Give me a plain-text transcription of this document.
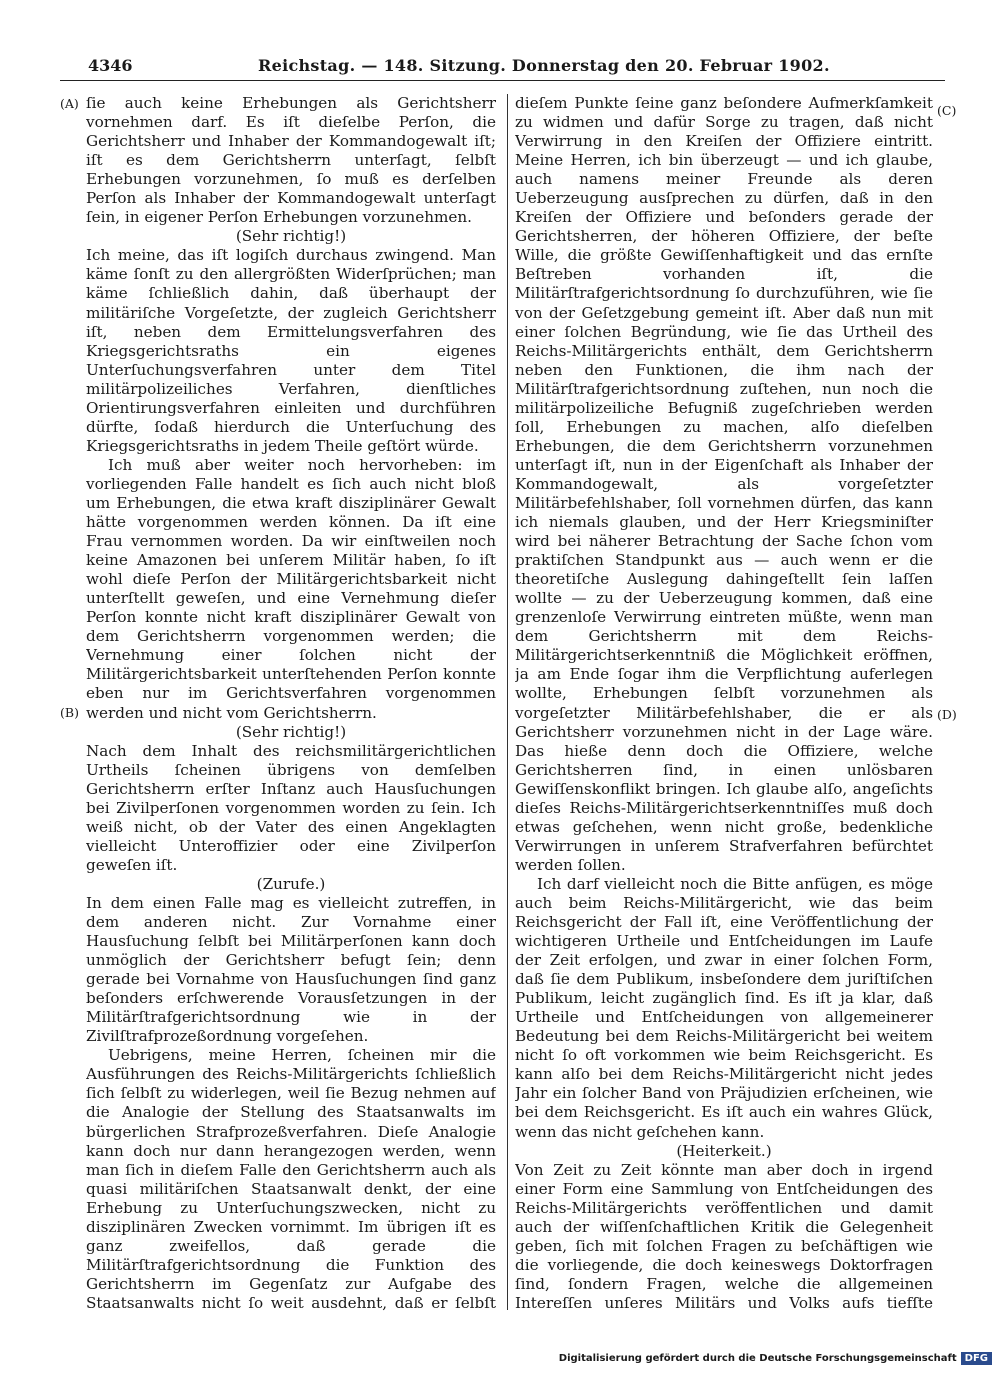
4346	Reichstag. — 148. Sitzung. Donnerstag den 20. Februar 1902.
(A)
(B)
(C)
(D)

ſie auch keine Erhebungen als Gerichtsherr vornehmen darf. Es iſt dieſelbe Perſon, die Gerichtsherr und Inhaber der Kommandogewalt iſt; iſt es dem Gerichtsherrn unterſagt, ſelbſt Erhebungen vorzunehmen, ſo muß es derſelben Perſon als Inhaber der Kommandogewalt unterſagt ſein, in eigener Perſon Erhebungen vorzunehmen.

(Sehr richtig!)

Ich meine, das iſt logiſch durchaus zwingend. Man käme ſonſt zu den allergrößten Widerſprüchen; man käme ſchließlich dahin, daß überhaupt der militäriſche Vorgeſetzte, der zugleich Gerichtsherr iſt, neben dem Ermittelungsverfahren des Kriegsgerichtsraths ein eigenes Unterſuchungsverfahren unter dem Titel militärpolizeiliches Verfahren, dienſtliches Orientirungsverfahren einleiten und durchführen dürfte, ſodaß hierdurch die Unterſuchung des Kriegsgerichtsraths in jedem Theile geſtört würde.

Ich muß aber weiter noch hervorheben: im vorliegenden Falle handelt es ſich auch nicht bloß um Erhebungen, die etwa kraft disziplinärer Gewalt hätte vorgenommen werden können. Da iſt eine Frau vernommen worden. Da wir einſtweilen noch keine Amazonen bei unſerem Militär haben, ſo iſt wohl dieſe Perſon der Militärgerichtsbarkeit nicht unterſtellt geweſen, und eine Vernehmung dieſer Perſon konnte nicht kraft disziplinärer Gewalt von dem Gerichtsherrn vorgenommen werden; die Vernehmung einer ſolchen nicht der Militärgerichtsbarkeit unterſtehenden Perſon konnte eben nur im Gerichtsverfahren vorgenommen werden und nicht vom Gerichtsherrn.

(Sehr richtig!)

Nach dem Inhalt des reichsmilitärgerichtlichen Urtheils ſcheinen übrigens von demſelben Gerichtsherrn erſter Inſtanz auch Hausſuchungen bei Zivilperſonen vorgenommen worden zu ſein. Ich weiß nicht, ob der Vater des einen Angeklagten vielleicht Unteroffizier oder eine Zivilperſon geweſen iſt.

(Zurufe.)

In dem einen Falle mag es vielleicht zutreffen, in dem anderen nicht. Zur Vornahme einer Hausſuchung ſelbſt bei Militärperſonen kann doch unmöglich der Gerichtsherr befugt ſein; denn gerade bei Vornahme von Hausſuchungen ſind ganz beſonders erſchwerende Vorausſetzungen in der Militärſtrafgerichtsordnung wie in der Zivilſtrafprozeßordnung vorgeſehen.

Uebrigens, meine Herren, ſcheinen mir die Ausführungen des Reichs-Militärgerichts ſchließlich ſich ſelbſt zu widerlegen, weil ſie Bezug nehmen auf die Analogie der Stellung des Staatsanwalts im bürgerlichen Strafprozeßverfahren. Dieſe Analogie kann doch nur dann herangezogen werden, wenn man ſich in dieſem Falle den Gerichtsherrn auch als quasi militäriſchen Staatsanwalt denkt, der eine Erhebung zu Unterſuchungszwecken, nicht zu disziplinären Zwecken vornimmt. Im übrigen iſt es ganz zweifellos, daß gerade die Militärſtrafgerichtsordnung die Funktion des Gerichtsherrn im Gegenſatz zur Aufgabe des Staatsanwalts nicht ſo weit ausdehnt, daß er ſelbſt

dieſem Punkte ſeine ganz beſondere Aufmerkſamkeit zu widmen und dafür Sorge zu tragen, daß nicht Verwirrung in den Kreiſen der Offiziere eintritt. Meine Herren, ich bin überzeugt — und ich glaube, auch namens meiner Freunde als deren Ueberzeugung ausſprechen zu dürfen, daß in den Kreiſen der Offiziere und beſonders gerade der Gerichtsherren, der höheren Offiziere, der beſte Wille, die größte Gewiſſenhaftigkeit und das ernſte Beſtreben vorhanden iſt, die Militärſtrafgerichtsordnung ſo durchzuführen, wie ſie von der Geſetzgebung gemeint iſt. Aber daß nun mit einer ſolchen Begründung, wie ſie das Urtheil des Reichs-Militärgerichts enthält, dem Gerichtsherrn neben den Funktionen, die ihm nach der Militärſtrafgerichtsordnung zuſtehen, nun noch die militärpolizeiliche Befugniß zugeſchrieben werden ſoll, Erhebungen zu machen, alſo dieſelben Erhebungen, die dem Gerichtsherrn vorzunehmen unterſagt iſt, nun in der Eigenſchaft als Inhaber der Kommandogewalt, als vorgeſetzter Militärbefehlshaber, ſoll vornehmen dürfen, das kann ich niemals glauben, und der Herr Kriegsminiſter wird bei näherer Betrachtung der Sache ſchon vom praktiſchen Standpunkt aus — auch wenn er die theoretiſche Auslegung dahingeſtellt ſein laſſen wollte — zu der Ueberzeugung kommen, daß eine grenzenloſe Verwirrung eintreten müßte, wenn man dem Gerichtsherrn mit dem Reichs-Militärgerichtserkenntniß die Möglichkeit eröffnen, ja am Ende ſogar ihm die Verpflichtung auferlegen wollte, Erhebungen ſelbſt vorzunehmen als vorgeſetzter Militärbefehlshaber, die er als Gerichtsherr vorzunehmen nicht in der Lage wäre. Das hieße denn doch die Offiziere, welche Gerichtsherren ſind, in einen unlösbaren Gewiſſenskonflikt bringen. Ich glaube alſo, angeſichts dieſes Reichs-Militärgerichtserkenntniſſes muß doch etwas geſchehen, wenn nicht große, bedenkliche Verwirrungen in unſerem Strafverfahren befürchtet werden ſollen.

Ich darf vielleicht noch die Bitte anfügen, es möge auch beim Reichs-Militärgericht, wie das beim Reichsgericht der Fall iſt, eine Veröffentlichung der wichtigeren Urtheile und Entſcheidungen im Laufe der Zeit erfolgen, und zwar in einer ſolchen Form, daß ſie dem Publikum, insbeſondere dem juriſtiſchen Publikum, leicht zugänglich ſind. Es iſt ja klar, daß Urtheile und Entſcheidungen von allgemeinerer Bedeutung bei dem Reichs-Militärgericht bei weitem nicht ſo oft vorkommen wie beim Reichsgericht. Es kann alſo bei dem Reichs-Militärgericht nicht jedes Jahr ein ſolcher Band von Präjudizien erſcheinen, wie bei dem Reichsgericht. Es iſt auch ein wahres Glück, wenn das nicht geſchehen kann.

(Heiterkeit.)

Von Zeit zu Zeit könnte man aber doch in irgend einer Form eine Sammlung von Entſcheidungen des Reichs-Militärgerichts veröffentlichen und damit auch der wiſſenſchaftlichen Kritik die Gelegenheit geben, ſich mit ſolchen Fragen zu beſchäftigen wie die vorliegende, die doch keineswegs Doktorfragen ſind, ſondern Fragen, welche die allgemeinen Intereſſen unſeres Militärs und Volks aufs tiefſte

Digitalisierung gefördert durch die Deutsche Forschungsgemeinschaft DFG
